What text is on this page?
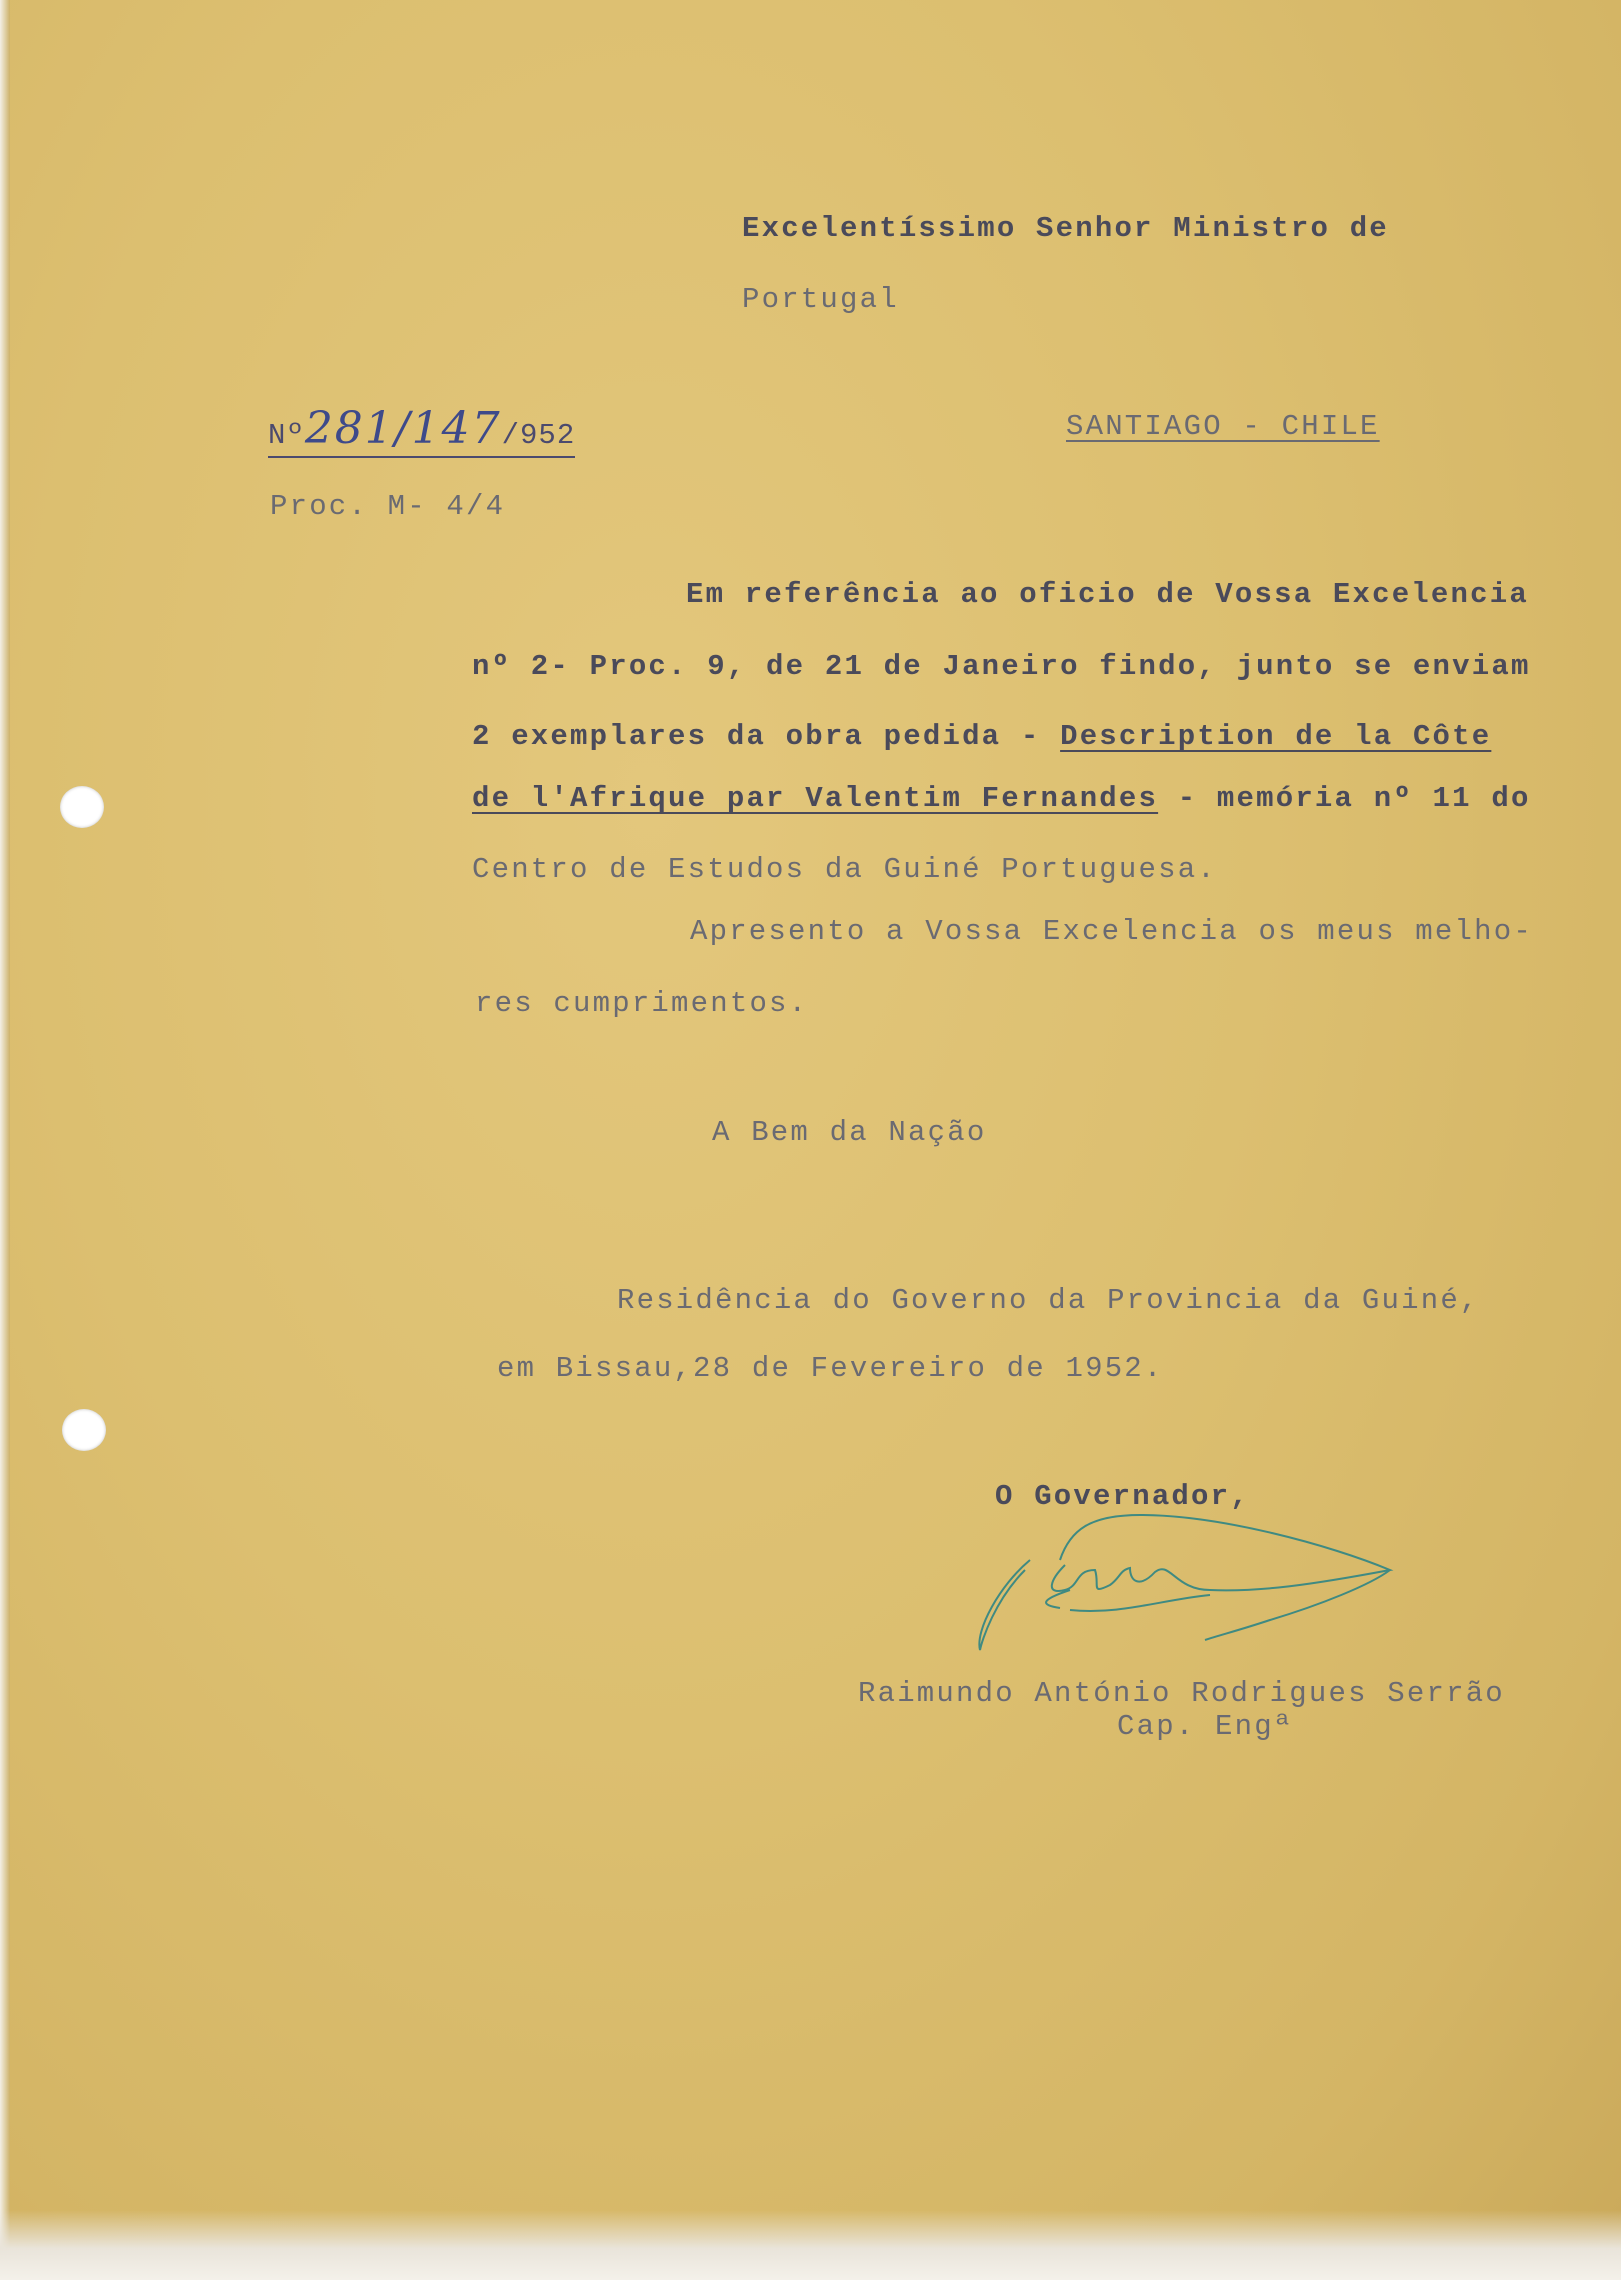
Excelentíssimo Senhor Ministro de

Portugal

Nº281/147/952	SANTIAGO - CHILE

Proc. M- 4/4

Em referência ao oficio de Vossa Excelencia

nº 2- Proc. 9, de 21 de Janeiro findo, junto se enviam

2 exemplares da obra pedida - Description de la Côte

de l'Afrique par Valentim Fernandes - memória nº 11 do

Centro de Estudos da Guiné Portuguesa.

Apresento a Vossa Excelencia os meus melho-

res cumprimentos.

A Bem da Nação

Residência do Governo da Provincia da Guiné,

em Bissau,28 de Fevereiro de 1952.

O Governador,

Raimundo António Rodrigues Serrão

Cap. Engª
